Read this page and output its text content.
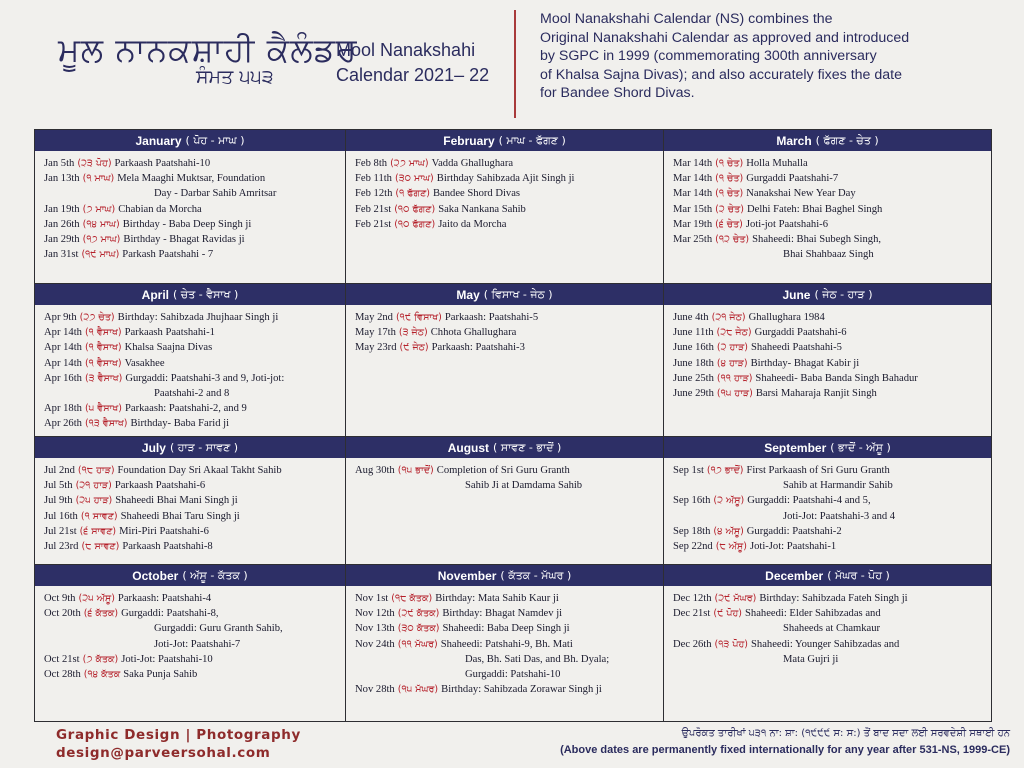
ਮੂਲ ਨਾਨਕਸ਼ਾਹੀ ਕੈਲੰਡਰ
ਸੰਮਤ ੫੫੩
Mool Nanakshahi
Calendar 2021– 22
Mool Nanakshahi Calendar (NS) combines the
Original Nanakshahi Calendar as approved and introduced
by SGPC in 1999 (commemorating 300th anniversary
of Khalsa Sajna Divas); and also accurately fixes the date
for Bandee Shord Divas.
January ( ਪੋਹ - ਮਾਘ )
Jan 5th (੨੩ ਪੋਹ) Parkaash Paatshahi-10
Jan 13th (੧ ਮਾਘ) Mela Maaghi Muktsar, Foundation
Day - Darbar Sahib Amritsar
Jan 19th (੭ ਮਾਘ) Chabian da Morcha
Jan 26th (੧੪ ਮਾਘ) Birthday - Baba Deep Singh ji
Jan 29th (੧੭ ਮਾਘ) Birthday - Bhagat Ravidas ji
Jan 31st (੧੯ ਮਾਘ) Parkash Paatshahi - 7
February ( ਮਾਘ - ਫੱਗਣ )
Feb 8th (੨੭ ਮਾਘ) Vadda Ghallughara
Feb 11th (੩੦ ਮਾਘ) Birthday Sahibzada Ajit Singh ji
Feb 12th (੧ ਫੱਗਣ) Bandee Shord Divas
Feb 21st (੧੦ ਫੱਗਣ) Saka Nankana Sahib
Feb 21st (੧੦ ਫੱਗਣ) Jaito da Morcha
March ( ਫੱਗਣ - ਚੇਤ )
Mar 14th (੧ ਚੇਤ) Holla Muhalla
Mar 14th (੧ ਚੇਤ) Gurgaddi Paatshahi-7
Mar 14th (੧ ਚੇਤ) Nanakshai New Year Day
Mar 15th (੨ ਚੇਤ) Delhi Fateh: Bhai Baghel Singh
Mar 19th (੬ ਚੇਤ) Joti-jot Paatshahi-6
Mar 25th (੧੨ ਚੇਤ) Shaheedi: Bhai Subegh Singh,
Bhai Shahbaaz Singh
April ( ਚੇਤ - ਵੈਸਾਖ )
Apr 9th (੨੭ ਚੇਤ) Birthday: Sahibzada Jhujhaar Singh ji
Apr 14th (੧ ਵੈਸਾਖ) Parkaash Paatshahi-1
Apr 14th (੧ ਵੈਸਾਖ) Khalsa Saajna Divas
Apr 14th (੧ ਵੈਸਾਖ) Vasakhee
Apr 16th (੩ ਵੈਸਾਖ) Gurgaddi: Paatshahi-3 and 9, Joti-jot:
Paatshahi-2 and 8
Apr 18th (੫ ਵੈਸਾਖ) Parkaash: Paatshahi-2, and 9
Apr 26th (੧੩ ਵੈਸਾਖ) Birthday- Baba Farid ji
May ( ਵਿਸਾਖ - ਜੇਠ )
May 2nd (੧੯ ਵਿਸਾਖ) Parkaash: Paatshahi-5
May 17th (੩ ਜੇਠ) Chhota Ghallughara
May 23rd (੯ ਜੇਠ) Parkaash: Paatshahi-3
June ( ਜੇਠ - ਹਾੜ )
June 4th (੨੧ ਜੇਠ) Ghallughara 1984
June 11th (੨੮ ਜੇਠ) Gurgaddi Paatshahi-6
June 16th (੨ ਹਾੜ) Shaheedi Paatshahi-5
June 18th (੪ ਹਾੜ) Birthday- Bhagat Kabir ji
June 25th (੧੧ ਹਾੜ) Shaheedi- Baba Banda Singh Bahadur
June 29th (੧੫ ਹਾੜ) Barsi Maharaja Ranjit Singh
July ( ਹਾੜ - ਸਾਵਣ )
Jul 2nd (੧੮ ਹਾੜ) Foundation Day Sri Akaal Takht Sahib
Jul 5th (੨੧ ਹਾੜ) Parkaash Paatshahi-6
Jul 9th (੨੫ ਹਾੜ) Shaheedi Bhai Mani Singh ji
Jul 16th (੧ ਸਾਵਣ) Shaheedi Bhai Taru Singh ji
Jul 21st (੬ ਸਾਵਣ) Miri-Piri Paatshahi-6
Jul 23rd (੮ ਸਾਵਣ) Parkaash Paatshahi-8
August ( ਸਾਵਣ - ਭਾਦੋਂ )
Aug 30th (੧੫ ਭਾਦੋਂ) Completion of Sri Guru Granth
Sahib Ji at Damdama Sahib
September ( ਭਾਦੋਂ - ਅੱਸੂ )
Sep 1st (੧੭ ਭਾਦੋਂ) First Parkaash of Sri Guru Granth
Sahib at Harmandir Sahib
Sep 16th (੨ ਅੱਸੂ) Gurgaddi: Paatshahi-4 and 5,
Joti-Jot: Paatshahi-3 and 4
Sep 18th (੪ ਅੱਸੂ) Gurgaddi: Paatshahi-2
Sep 22nd (੮ ਅੱਸੂ) Joti-Jot: Paatshahi-1
October ( ਅੱਸੂ - ਕੱਤਕ )
Oct 9th (੨੫ ਅੱਸੂ) Parkaash: Paatshahi-4
Oct 20th (੬ ਕੱਤਕ) Gurgaddi: Paatshahi-8,
Gurgaddi: Guru Granth Sahib,
Joti-Jot: Paatshahi-7
Oct 21st (੭ ਕੱਤਕ) Joti-Jot: Paatshahi-10
Oct 28th (੧੪ ਕੱਤਕ Saka Punja Sahib
November ( ਕੱਤਕ - ਮੱਘਰ )
Nov 1st (੧੮ ਕੱਤਕ) Birthday: Mata Sahib Kaur ji
Nov 12th (੨੯ ਕੱਤਕ) Birthday: Bhagat Namdev ji
Nov 13th (੩੦ ਕੱਤਕ) Shaheedi: Baba Deep Singh ji
Nov 24th (੧੧ ਮੱਘਰ) Shaheedi: Patshahi-9, Bh. Mati
Das, Bh. Sati Das, and Bh. Dyala;
Gurgaddi: Patshahi-10
Nov 28th (੧੫ ਮੱਘਰ) Birthday: Sahibzada Zorawar Singh ji
December ( ਮੱਘਰ - ਪੋਹ )
Dec 12th (੨੯ ਮੱਘਰ) Birthday: Sahibzada Fateh Singh ji
Dec 21st (੯ ਪੋਹ) Shaheedi: Elder Sahibzadas and
Shaheeds at Chamkaur
Dec 26th (੧੩ ਪੋਹ) Shaheedi: Younger Sahibzadas and
Mata Gujri ji
Graphic Design | Photography
design@parveersohal.com
ਉਪਰੋਕਤ ਤਾਰੀਖਾਂ ੫੩੧ ਨਾ: ਸ਼ਾ: (੧੯੯੯ ਸ: ਸ:) ਤੋਂ ਬਾਦ ਸਦਾ ਲਈ ਸਰਵਦੇਸ਼ੀ ਸਥਾਈ ਹਨ
(Above dates are permanently fixed internationally for any year after 531-NS, 1999-CE)
